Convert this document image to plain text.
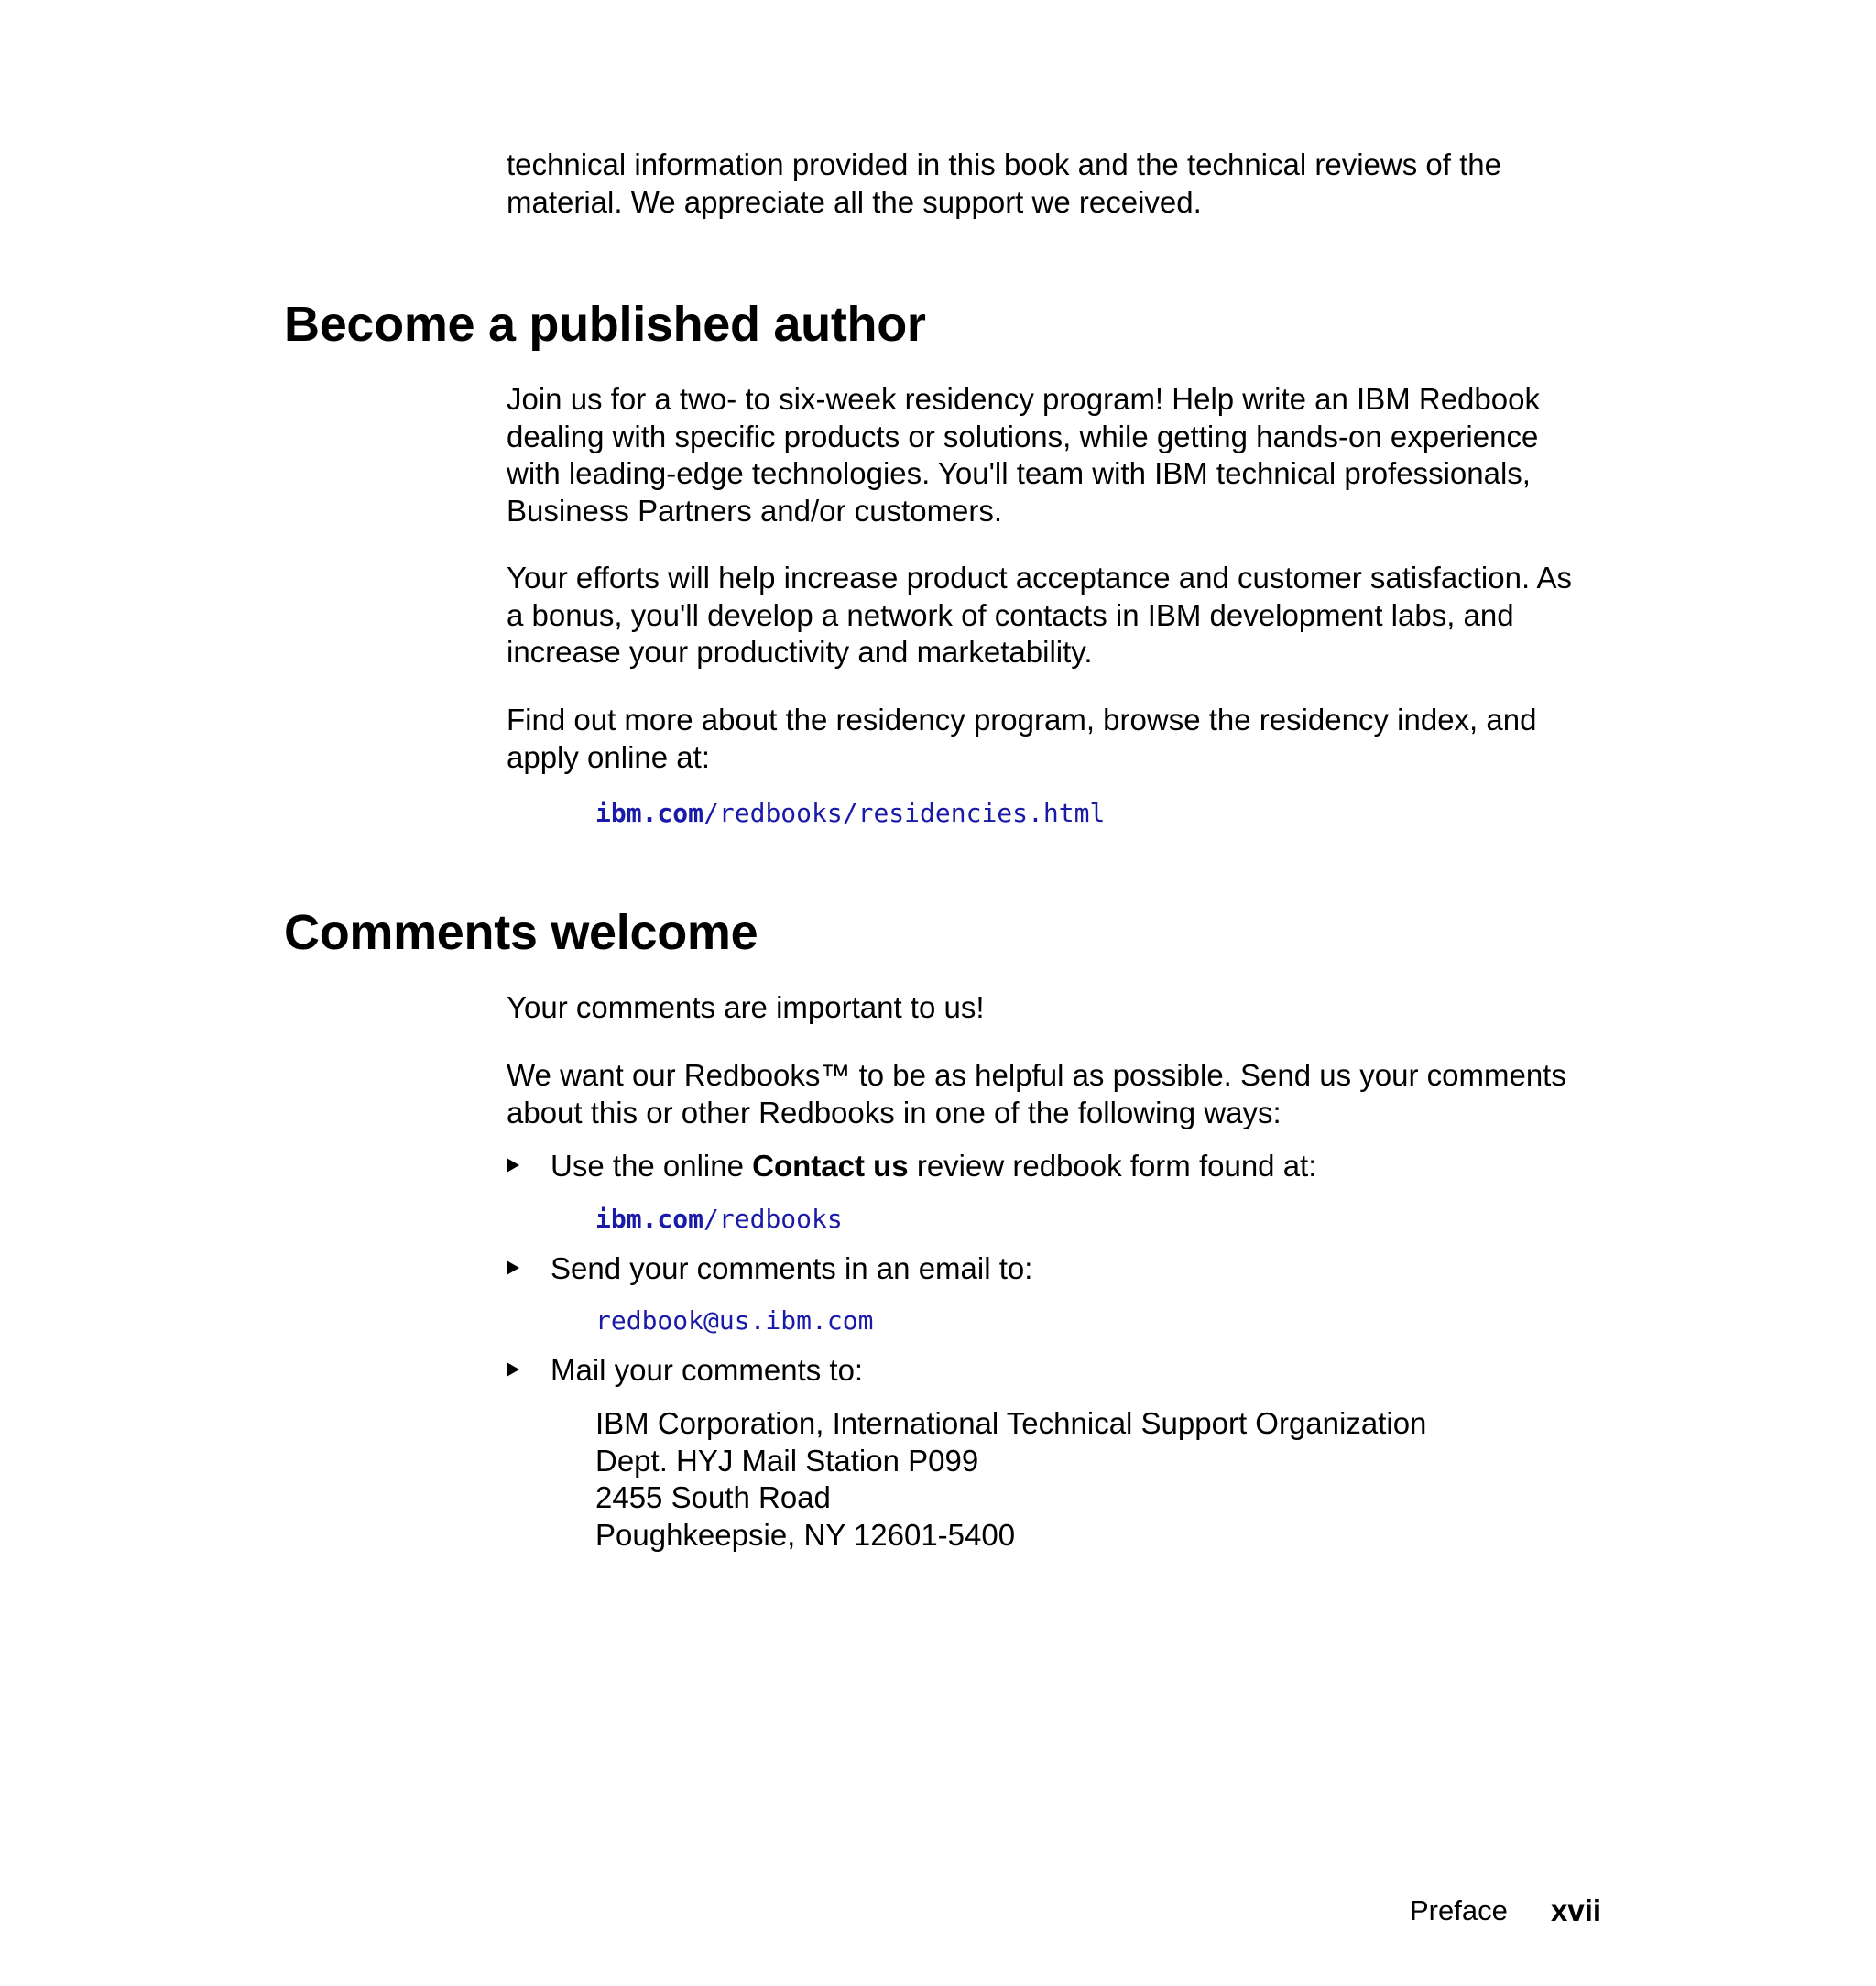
technical information provided in this book and the technical reviews of the
material. We appreciate all the support we received.
Become a published author
Join us for a two- to six-week residency program! Help write an IBM Redbook
dealing with specific products or solutions, while getting hands-on experience
with leading-edge technologies. You'll team with IBM technical professionals,
Business Partners and/or customers.
Your efforts will help increase product acceptance and customer satisfaction. As
a bonus, you'll develop a network of contacts in IBM development labs, and
increase your productivity and marketability.
Find out more about the residency program, browse the residency index, and
apply online at:
ibm.com/redbooks/residencies.html
Comments welcome
Your comments are important to us!
We want our Redbooks™ to be as helpful as possible. Send us your comments
about this or other Redbooks in one of the following ways:
Use the online Contact us review redbook form found at:
ibm.com/redbooks
Send your comments in an email to:
redbook@us.ibm.com
Mail your comments to:
IBM Corporation, International Technical Support Organization
Dept. HYJ Mail Station P099
2455 South Road
Poughkeepsie, NY 12601-5400
Preface xvii
